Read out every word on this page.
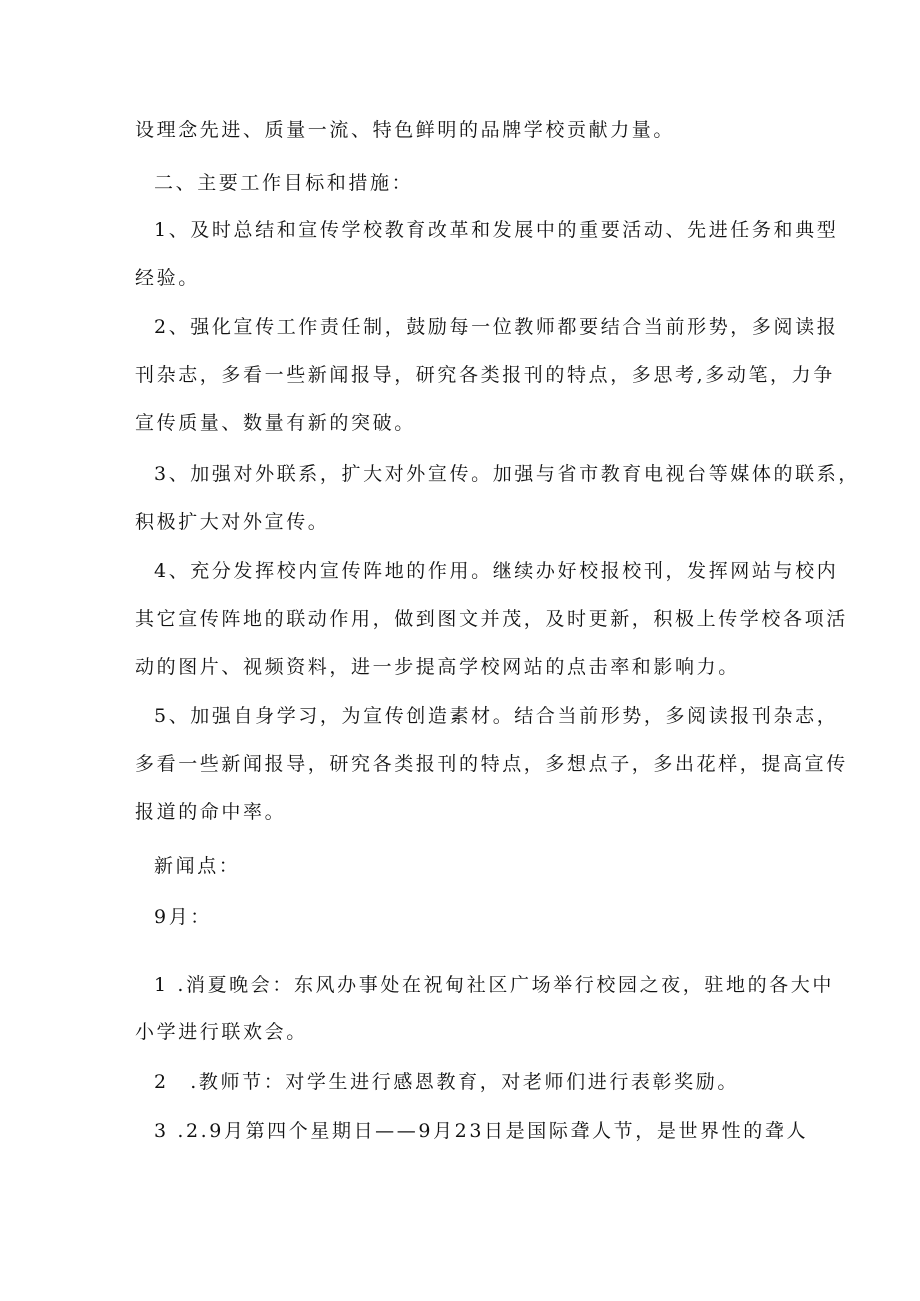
设理念先进、质量一流、特色鲜明的品牌学校贡献力量。
二、主要工作目标和措施：
1、及时总结和宣传学校教育改革和发展中的重要活动、先进任务和典型
经验。
2、强化宣传工作责任制，鼓励每一位教师都要结合当前形势，多阅读报
刊杂志，多看一些新闻报导，研究各类报刊的特点，多思考,多动笔，力争
宣传质量、数量有新的突破。
3、加强对外联系，扩大对外宣传。加强与省市教育电视台等媒体的联系，
积极扩大对外宣传。
4、充分发挥校内宣传阵地的作用。继续办好校报校刊，发挥网站与校内
其它宣传阵地的联动作用，做到图文并茂，及时更新，积极上传学校各项活
动的图片、视频资料，进一步提高学校网站的点击率和影响力。
5、加强自身学习，为宣传创造素材。结合当前形势，多阅读报刊杂志，
多看一些新闻报导，研究各类报刊的特点，多想点子，多出花样，提高宣传
报道的命中率。
新闻点：
9月：
1 .消夏晚会：东风办事处在祝甸社区广场举行校园之夜，驻地的各大中
小学进行联欢会。
2　.教师节：对学生进行感恩教育，对老师们进行表彰奖励。
3 .2.9月第四个星期日——9月23日是国际聋人节，是世界性的聋人
